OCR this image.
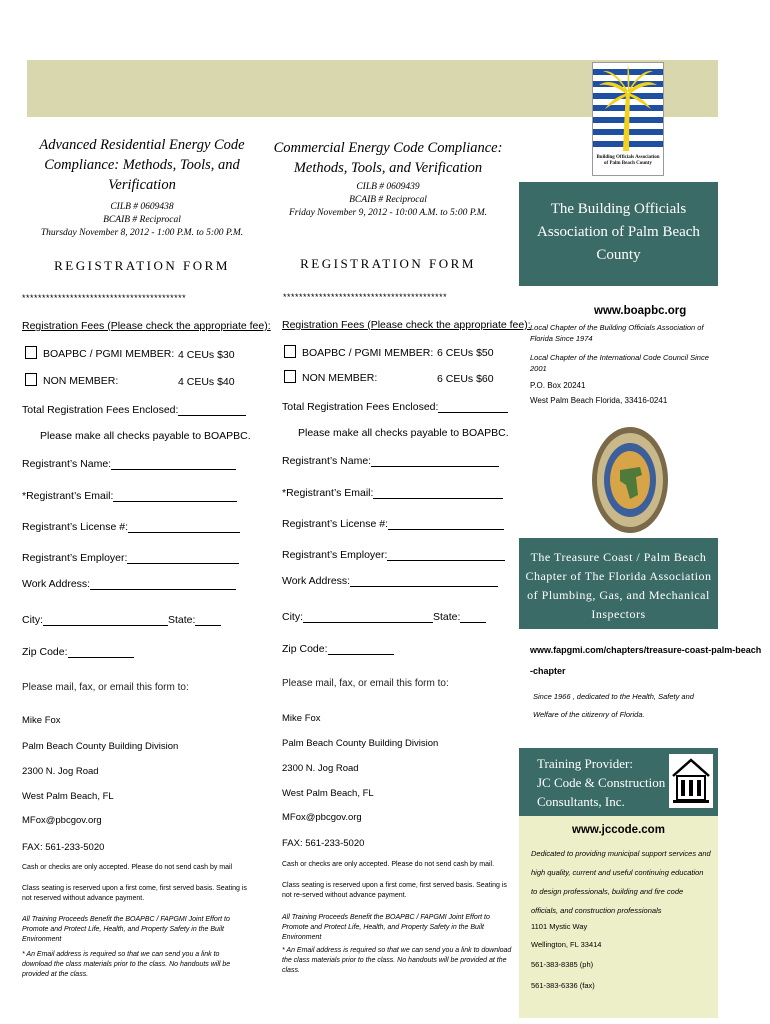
Building Officials Association
of Palm Beach County
Advanced Residential Energy Code
Compliance: Methods, Tools, and
Verification
CILB # 0609438
BCAIB # Reciprocal
Thursday November 8, 2012 - 1:00 P.M. to 5:00 P.M.
REGISTRATION FORM
*****************************************
Registration Fees (Please check the appropriate fee):
BOAPBC / PGMI MEMBER: 4 CEUs $30
NON MEMBER:	4 CEUs $40
Total Registration Fees Enclosed:
Please make all checks payable to BOAPBC.
Registrant’s Name:
*Registrant’s Email:
Registrant’s License #:
Registrant’s Employer:
Work Address:
City:	State:
Zip Code:
Please mail, fax, or email this form to:
Mike Fox
Palm Beach County Building Division
2300 N. Jog Road
West Palm Beach, FL
MFox@pbcgov.org
FAX: 561-233-5020
Cash or checks are only accepted. Please do not send cash by mail
Class seating is reserved upon a first come, first served basis. Seating is not reserved without advance payment.
All Training Proceeds Benefit the BOAPBC / FAPGMI Joint Effort to Promote and Protect Life, Health, and Property Safety in the Built Environment
* An Email address is required so that we can send you a link to download the class materials prior to the class. No handouts will be provided at the class.
Commercial Energy Code Compliance:
Methods, Tools, and Verification
CILB # 0609439
BCAIB # Reciprocal
Friday November 9, 2012 - 10:00 A.M. to 5:00 P.M.
REGISTRATION FORM
*****************************************
Registration Fees (Please check the appropriate fee):
BOAPBC / PGMI MEMBER: 6 CEUs $50
NON MEMBER:	6 CEUs $60
Total Registration Fees Enclosed:
Please make all checks payable to BOAPBC.
Registrant’s Name:
*Registrant’s Email:
Registrant’s License #:
Registrant’s Employer:
Work Address:
City:	State:
Zip Code:
Please mail, fax, or email this form to:
Mike Fox
Palm Beach County Building Division
2300 N. Jog Road
West Palm Beach, FL
MFox@pbcgov.org
FAX: 561-233-5020
Cash or checks are only accepted. Please do not send cash by mail.
Class seating is reserved upon a first come, first served basis. Seating is not re-served without advance payment.
All Training Proceeds Benefit the BOAPBC / FAPGMI Joint Effort to Promote and Protect Life, Health, and Property Safety in the Built Environment
* An Email address is required so that we can send you a link to download the class materials prior to the class. No handouts will be provided at the class.
The Building Officials Association of Palm Beach County
www.boapbc.org
Local Chapter of the Building Officials Association of Florida Since 1974
Local Chapter of the International Code Council Since 2001
P.O. Box 20241
West Palm Beach Florida, 33416-0241
The Treasure Coast / Palm Beach Chapter of The Florida Association of Plumbing, Gas, and Mechanical Inspectors
www.fapgmi.com/chapters/treasure-coast-palm-beach
-chapter
Since 1966 , dedicated to the Health, Safety and Welfare of the citizenry of Florida.
Training Provider:
JC Code & Construction
Consultants, Inc.
www.jccode.com
Dedicated to providing municipal support services and high quality, current and useful continuing education to design professionals, building and fire code officials, and construction professionals
1101 Mystic Way
Wellington, FL 33414
561-383-8385 (ph)
561-383-6336 (fax)
